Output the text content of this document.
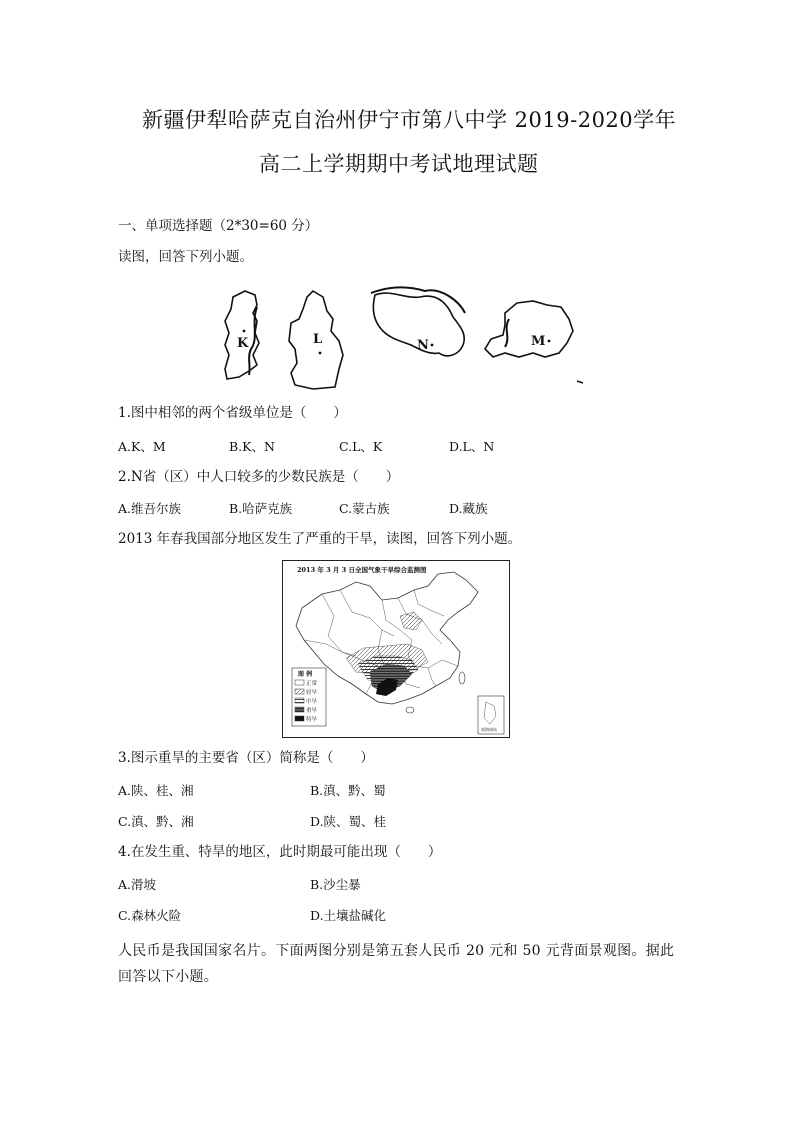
新疆伊犁哈萨克自治州伊宁市第八中学 2019-2020学年
高二上学期期中考试地理试题
一、单项选择题（2*30=60 分）
读图，回答下列小题。
K	L	N	M
1.图中相邻的两个省级单位是（　　）
A.K、M	B.K、N	C.L、K	D.L、N
2.N省（区）中人口较多的少数民族是（　　）
A.维吾尔族	B.哈萨克族	C.蒙古族	D.藏族
2013 年春我国部分地区发生了严重的干旱，读图，回答下列小题。
2013 年 3 月 3 日全国气象干旱综合监测图
图 例
正常
轻旱
中旱
重旱
特旱
南海诸岛
3.图示重旱的主要省（区）简称是（　　）
A.陕、桂、湘	B.滇、黔、蜀
C.滇、黔、湘	D.陕、蜀、桂
4.在发生重、特旱的地区，此时期最可能出现（　　）
A.滑坡	B.沙尘暴
C.森林火险	D.土壤盐碱化
人民币是我国国家名片。下面两图分别是第五套人民币 20 元和 50 元背面景观图。据此回答以下小题。
